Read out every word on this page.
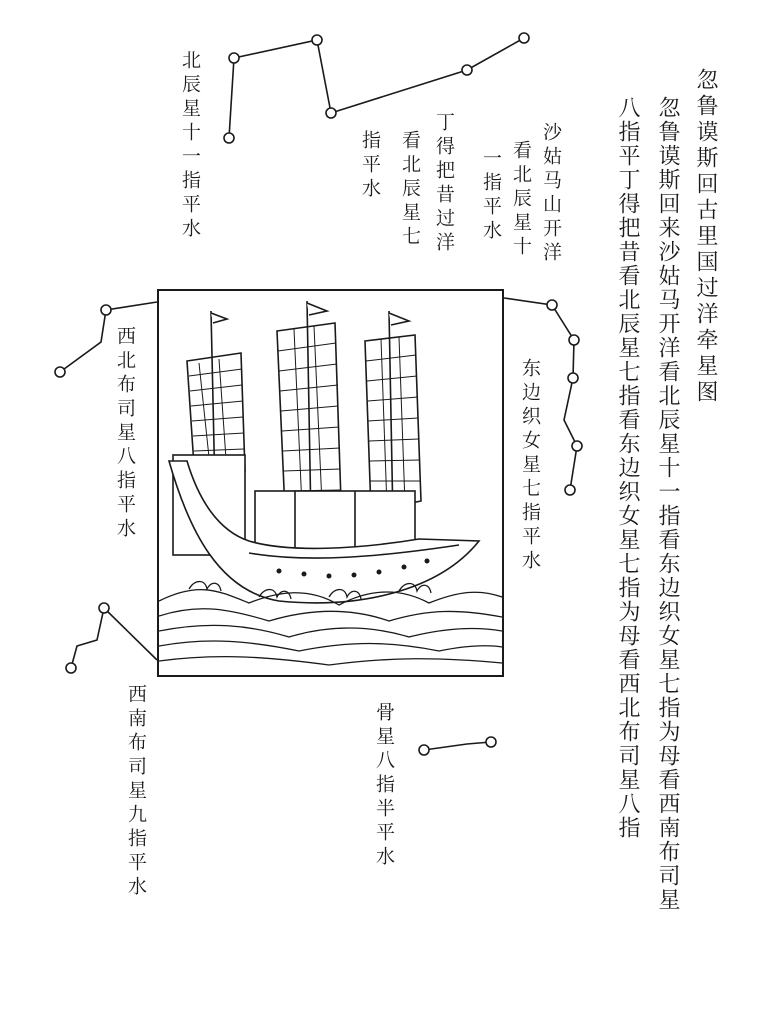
忽鲁谟斯回古里国过洋牵星图
忽鲁谟斯回来沙姑马开洋看北辰星十一指看东边织女星七指为母看西南布司星
八指平丁得把昔看北辰星七指看东边织女星七指为母看西北布司星八指
北辰星十一指平水	沙姑马山开洋
看北辰星十
一指平水
丁得把昔过洋
看北辰星七
指平水
西北布司星八指平水	东边织女星七指平水
西南布司星九指平水	骨星八指半平水
